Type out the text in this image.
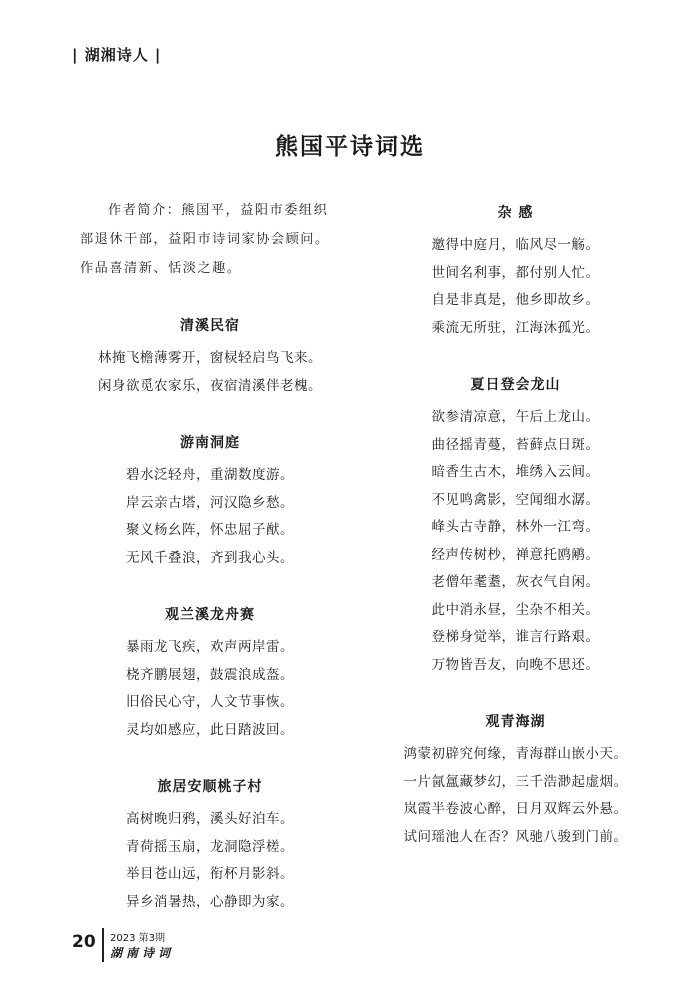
| 湖湘诗人 |
熊国平诗词选

作者简介：熊国平，益阳市委组织部退休干部，益阳市诗词家协会顾问。作品喜清新、恬淡之趣。

清溪民宿
林掩飞檐薄雾开，窗棂轻启鸟飞来。
闲身欲觅农家乐，夜宿清溪伴老槐。
游南洞庭
碧水泛轻舟，重湖数度游。
岸云亲古塔，河汉隐乡愁。
聚义杨幺阵，怀忠屈子猷。
无风千叠浪，齐到我心头。
观兰溪龙舟赛
暴雨龙飞疾，欢声两岸雷。
桡齐鹏展翅，鼓震浪成盔。
旧俗民心守，人文节事恢。
灵均如感应，此日踏波回。
旅居安顺桃子村
高树晚归鸦，溪头好泊车。
青荷摇玉扇，龙洞隐浮槎。
举目苍山远，衔杯月影斜。
异乡消暑热，心静即为家。
杂 感
邀得中庭月，临风尽一觞。
世间名利事，都付别人忙。
自是非真是，他乡即故乡。
乘流无所驻，江海沐孤光。
夏日登会龙山
欲参清凉意，午后上龙山。
曲径摇青蔓，苔藓点日斑。
暗香生古木，堆绣入云间。
不见鸣禽影，空闻细水潺。
峰头古寺静，林外一江弯。
经声传树杪，禅意托鸥鹇。
老僧年耄耋，灰衣气自闲。
此中消永昼，尘杂不相关。
登梯身觉举，谁言行路艰。
万物皆吾友，向晚不思还。
观青海湖
鸿蒙初辟究何缘，青海群山嵌小天。
一片氤氲藏梦幻，三千浩渺起虚烟。
岚霞半卷波心醉，日月双辉云外悬。
试问瑶池人在否？风驰八骏到门前。
20 2023 第3期
湖南诗词
